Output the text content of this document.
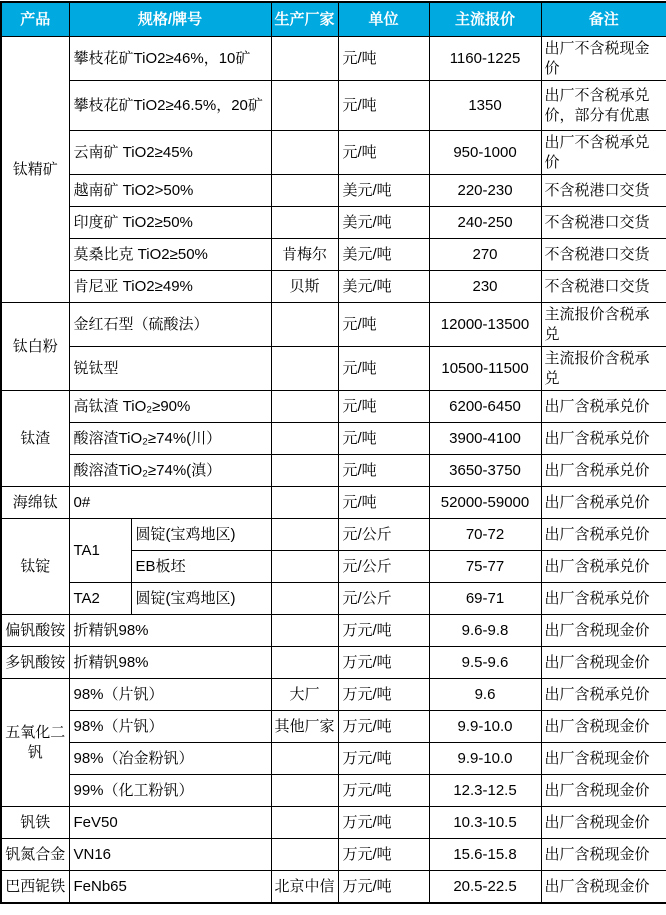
产品	规格/牌号		生产厂家	单位	主流报价	备注
钛精矿	攀枝花矿TiO2≥46%，10矿			元/吨	1160-1225	出厂不含税现金价
	攀枝花矿TiO2≥46.5%，20矿			元/吨	1350	出厂不含税承兑价，部分有优惠
	云南矿 TiO2≥45%			元/吨	950-1000	出厂不含税承兑价
	越南矿 TiO2>50%			美元/吨	220-230	不含税港口交货
	印度矿 TiO2≥50%			美元/吨	240-250	不含税港口交货
	莫桑比克 TiO2≥50%		肯梅尔	美元/吨	270	不含税港口交货
	肯尼亚 TiO2≥49%		贝斯	美元/吨	230	不含税港口交货
钛白粉	金红石型（硫酸法）			元/吨	12000-13500	主流报价含税承兑
	锐钛型			元/吨	10500-11500	主流报价含税承兑
钛渣	高钛渣 TiO₂≥90%			元/吨	6200-6450	出厂含税承兑价
	酸溶渣TiO₂≥74%(川）			元/吨	3900-4100	出厂含税承兑价
	酸溶渣TiO₂≥74%(滇）			元/吨	3650-3750	出厂含税承兑价
海绵钛	0#			元/吨	52000-59000	出厂含税承兑价
钛锭	TA1	圆锭(宝鸡地区)		元/公斤	70-72	出厂含税承兑价
		EB板坯		元/公斤	75-77	出厂含税承兑价
	TA2	圆锭(宝鸡地区)		元/公斤	69-71	出厂含税承兑价
偏钒酸铵	折精钒98%			万元/吨	9.6-9.8	出厂含税现金价
多钒酸铵	折精钒98%			万元/吨	9.5-9.6	出厂含税现金价
五氧化二钒	98%（片钒）		大厂	万元/吨	9.6	出厂含税承兑价
	98%（片钒）		其他厂家	万元/吨	9.9-10.0	出厂含税现金价
	98%（冶金粉钒）			万元/吨	9.9-10.0	出厂含税现金价
	99%（化工粉钒）			万元/吨	12.3-12.5	出厂含税现金价
钒铁	FeV50			万元/吨	10.3-10.5	出厂含税现金价
钒氮合金	VN16			万元/吨	15.6-15.8	出厂含税现金价
巴西铌铁	FeNb65		北京中信	万元/吨	20.5-22.5	出厂含税现金价
